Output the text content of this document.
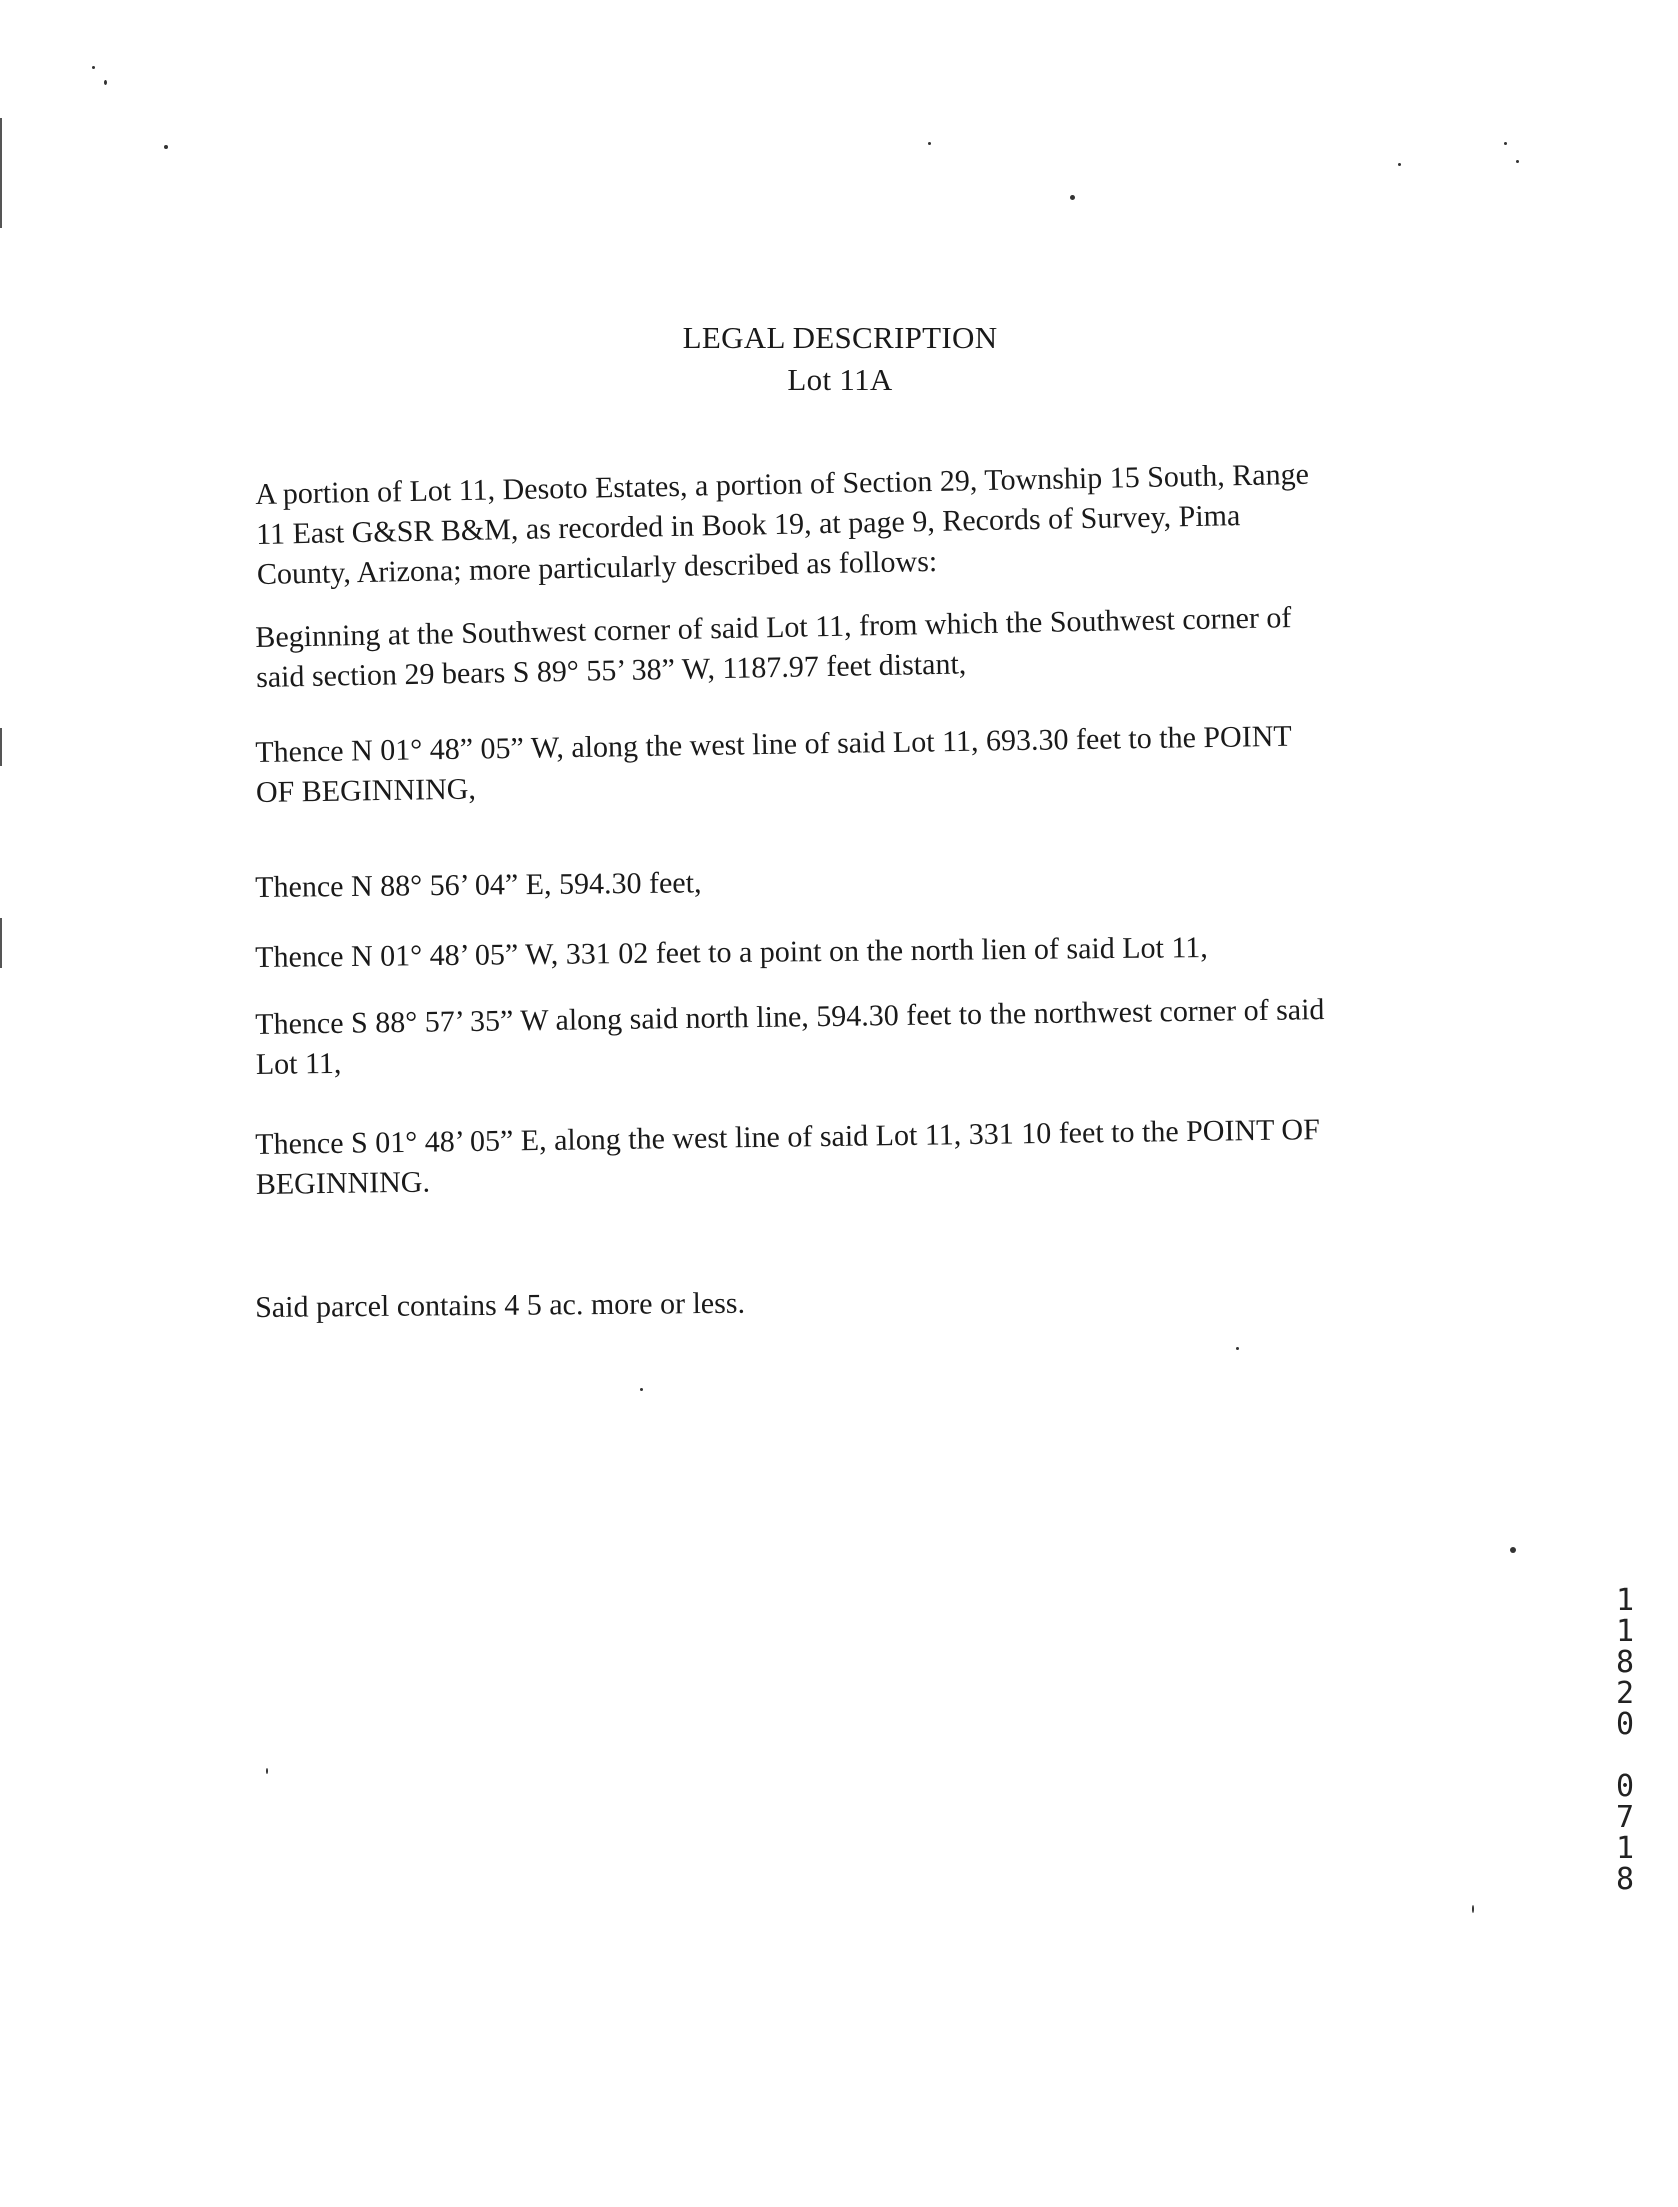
LEGAL DESCRIPTION
Lot 11A

A portion of Lot 11, Desoto Estates, a portion of Section 29, Township 15 South, Range

11 East G&SR B&M, as recorded in Book 19, at page 9, Records of Survey, Pima

County, Arizona; more particularly described as follows:

Beginning at the Southwest corner of said Lot 11, from which the Southwest corner of

said section 29 bears S 89° 55’ 38” W, 1187.97 feet distant,

Thence N 01° 48” 05” W, along the west line of said Lot 11, 693.30 feet to the POINT

OF BEGINNING,

Thence N 88° 56’ 04” E, 594.30 feet,

Thence N 01° 48’ 05” W, 331 02 feet to a point on the north lien of said Lot 11,

Thence S 88° 57’ 35” W along said north line, 594.30 feet to the northwest corner of said

Lot 11,

Thence S 01° 48’ 05” E, along the west line of said Lot 11, 331 10 feet to the POINT OF

BEGINNING.

Said parcel contains 4 5 ac. more or less.

1
1
8
2
0

0
7
1
8
